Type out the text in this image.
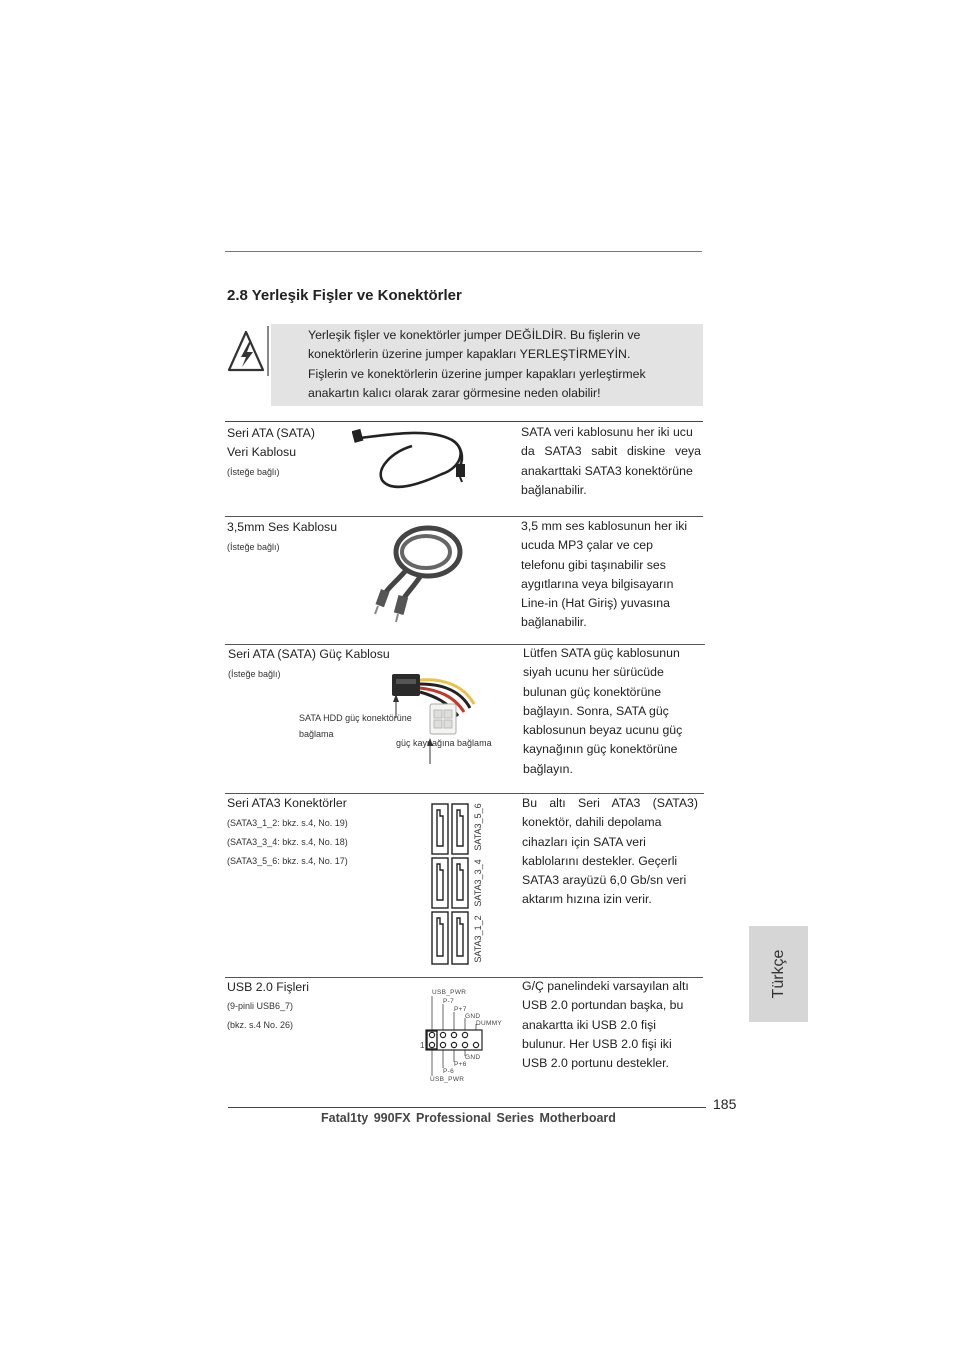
2.8 Yerleşik Fişler ve Konektörler
Yerleşik fişler ve konektörler jumper DEĞİLDİR. Bu fişlerin ve
konektörlerin üzerine jumper kapakları YERLEŞTİRMEYİN.
Fişlerin ve konektörlerin üzerine jumper kapakları yerleştirmek
anakartın kalıcı olarak zarar görmesine neden olabilir!
Seri ATA (SATA)
Veri Kablosu
(İsteğe bağlı)
SATA veri kablosunu her iki ucu
da SATA3 sabit diskine veya
anakarttaki SATA3 konektörüne
bağlanabilir.
3,5mm Ses Kablosu
(İsteğe bağlı)
3,5 mm ses kablosunun her iki
ucuda MP3 çalar ve cep
telefonu gibi taşınabilir ses
aygıtlarına veya bilgisayarın
Line-in (Hat Giriş) yuvasına
bağlanabilir.
Seri ATA (SATA) Güç Kablosu
(İsteğe bağlı)
SATA HDD güç konektörüne
bağlama
güç kaynağına bağlama
Lütfen SATA güç kablosunun
siyah ucunu her sürücüde
bulunan güç konektörüne
bağlayın. Sonra, SATA güç
kablosunun beyaz ucunu güç
kaynağının güç konektörüne
bağlayın.
Seri ATA3 Konektörler
(SATA3_1_2: bkz. s.4, No. 19)
(SATA3_3_4: bkz. s.4, No. 18)
(SATA3_5_6: bkz. s.4, No. 17)
SATA3_5_6
SATA3_3_4
SATA3_1_2
Bu altı Seri ATA3 (SATA3)
konektör, dahili depolama
cihazları için SATA veri
kablolarını destekler. Geçerli
SATA3 arayüzü 6,0 Gb/sn veri
aktarım hızına izin verir.
USB 2.0 Fişleri
(9-pinli USB6_7)
(bkz. s.4 No. 26)
USB_PWR
P-7
P+7
GND
DUMMY
1
GND
P+6
P-6
USB_PWR
G/Ç panelindeki varsayılan altı
USB 2.0 portundan başka, bu
anakartta iki USB 2.0 fişi
bulunur. Her USB 2.0 fişi iki
USB 2.0 portunu destekler.
Türkçe
185
Fatal1ty 990FX Professional Series Motherboard
